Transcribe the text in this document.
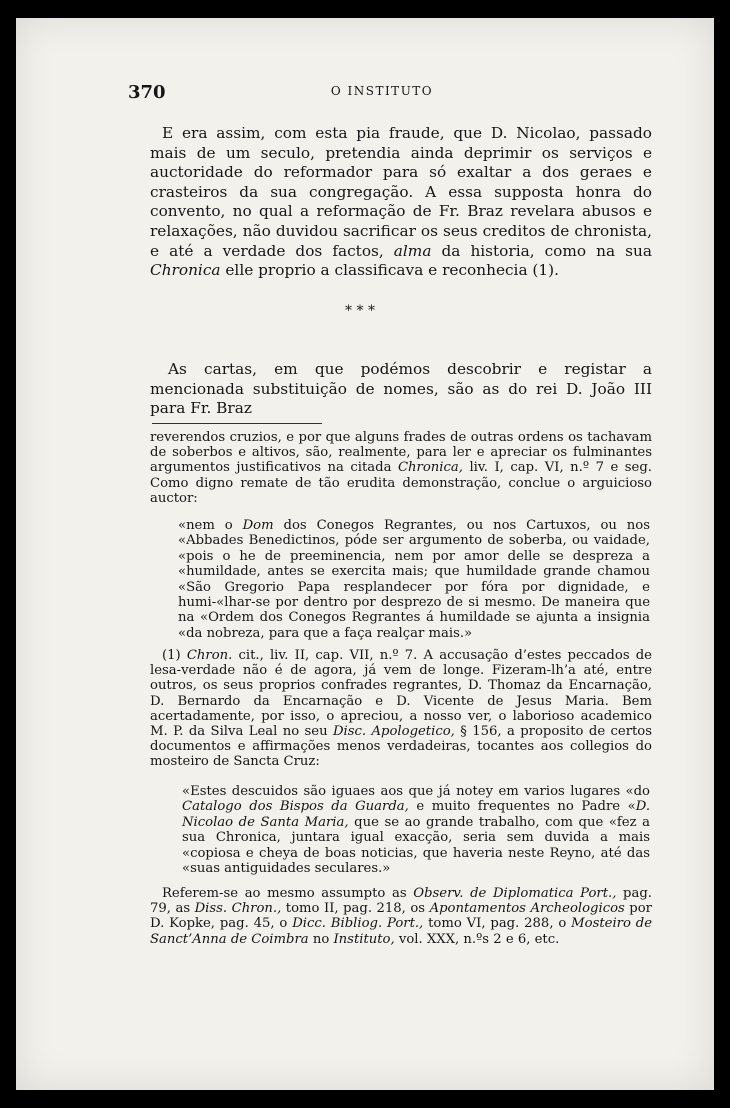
370	O INSTITUTO
E era assim, com esta pia fraude, que D. Nicolao, passado mais de um seculo, pretendia ainda deprimir os serviços e auctoridade do reformador para só exaltar a dos geraes e crasteiros da sua congregação. A essa supposta honra do convento, no qual a reformação de Fr. Braz revelara abusos e relaxações, não duvidou sacrificar os seus creditos de chronista, e até a verdade dos factos, alma da historia, como na sua Chronica elle proprio a classificava e reconhecia (1).
* * *
As cartas, em que podémos descobrir e registar a mencionada substituição de nomes, são as do rei D. João III para Fr. Braz
reverendos cruzios, e por que alguns frades de outras ordens os tachavam de soberbos e altivos, são, realmente, para ler e apreciar os fulminantes argumentos justificativos na citada Chronica, liv. I, cap. VI, n.º 7 e seg. Como digno remate de tão erudita demonstração, conclue o arguicioso auctor:
«nem o Dom dos Conegos Regrantes, ou nos Cartuxos, ou nos «Abbades Benedictinos, póde ser argumento de soberba, ou vaidade, «pois o he de preeminencia, nem por amor delle se despreza a «humildade, antes se exercita mais; que humildade grande chamou «São Gregorio Papa resplandecer por fóra por dignidade, e humi-«lhar-se por dentro por desprezo de si mesmo. De maneira que na «Ordem dos Conegos Regrantes á humildade se ajunta a insignia «da nobreza, para que a faça realçar mais.»
(1) Chron. cit., liv. II, cap. VII, n.º 7. A accusação d’estes peccados de lesa-verdade não é de agora, já vem de longe. Fizeram-lh’a até, entre outros, os seus proprios confrades regrantes, D. Thomaz da Encarnação, D. Bernardo da Encarnação e D. Vicente de Jesus Maria. Bem acertadamente, por isso, o apreciou, a nosso ver, o laborioso academico M. P. da Silva Leal no seu Disc. Apologetico, § 156, a proposito de certos documentos e affirmações menos verdadeiras, tocantes aos collegios do mosteiro de Sancta Cruz:
«Estes descuidos são iguaes aos que já notey em varios lugares «do Catalogo dos Bispos da Guarda, e muito frequentes no Padre «D. Nicolao de Santa Maria, que se ao grande trabalho, com que «fez a sua Chronica, juntara igual exacção, seria sem duvida a mais «copiosa e cheya de boas noticias, que haveria neste Reyno, até das «suas antiguidades seculares.»
Referem-se ao mesmo assumpto as Observ. de Diplomatica Port., pag. 79, as Diss. Chron., tomo II, pag. 218, os Apontamentos Archeologicos por D. Kopke, pag. 45, o Dicc. Bibliog. Port., tomo VI, pag. 288, o Mosteiro de Sanct’Anna de Coimbra no Instituto, vol. XXX, n.ºs 2 e 6, etc.
